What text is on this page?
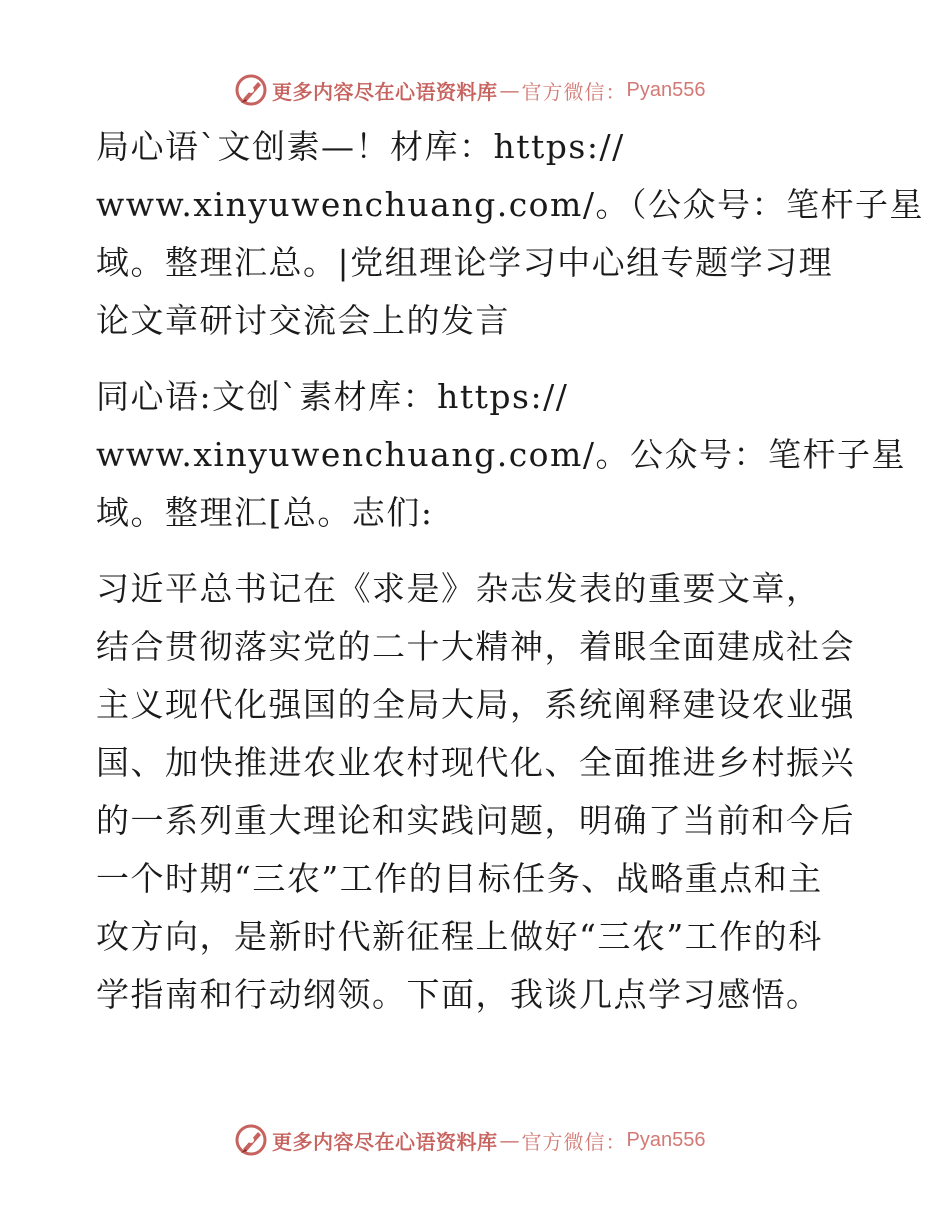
更多内容尽在心语资料库 — 官方微信： Pyan556
局心语ˋ文创素—！材库：https://
www.xinyuwenchuang.com/。（公众号：笔杆子星
域。整理汇总。|党组理论学习中心组专题学习理
论文章研讨交流会上的发言
同心语:文创ˋ素材库：https://
www.xinyuwenchuang.com/。公众号：笔杆子星
域。整理汇[总。志们:
习近平总书记在《求是》杂志发表的重要文章，
结合贯彻落实党的二十大精神，着眼全面建成社会
主义现代化强国的全局大局，系统阐释建设农业强
国、加快推进农业农村现代化、全面推进乡村振兴
的一系列重大理论和实践问题，明确了当前和今后
一个时期“三农”工作的目标任务、战略重点和主
攻方向，是新时代新征程上做好“三农”工作的科
学指南和行动纲领。下面，我谈几点学习感悟。
更多内容尽在心语资料库 — 官方微信： Pyan556
